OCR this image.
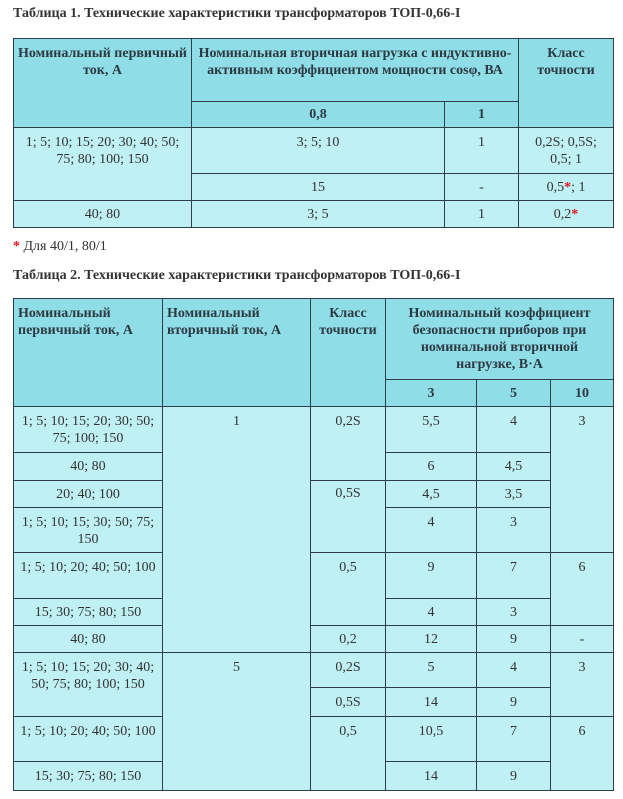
Таблица 1. Технические характеристики трансформаторов ТОП-0,66-I
Номинальный первичный ток, А	Номинальная вторичная нагрузка с индуктивно-активным коэффициентом мощности cosφ, ВА		Класс точности
	0,8	1	
1; 5; 10; 15; 20; 30; 40; 50; 75; 80; 100; 150	3; 5; 10	1	0,2S; 0,5S; 0,5; 1
	15	-	0,5*; 1
40; 80	3; 5	1	0,2*
* Для 40/1, 80/1
Таблица 2. Технические характеристики трансформаторов ТОП-0,66-I
Номинальный первичный ток, А	Номинальный вторичный ток, А	Класс точности	Номинальный коэффициент безопасности приборов при номинальной вторичной нагрузке, В·А		
			3	5	10
1; 5; 10; 15; 20; 30; 50; 75; 100; 150	1	0,2S	5,5	4	3
40; 80			6	4,5	
20; 40; 100		0,5S	4,5	3,5	
1; 5; 10; 15; 30; 50; 75; 150			4	3	
1; 5; 10; 20; 40; 50; 100		0,5	9	7	6
15; 30; 75; 80; 150			4	3	
40; 80		0,2	12	9	-
1; 5; 10; 15; 20; 30; 40; 50; 75; 80; 100; 150	5	0,2S	5	4	3
		0,5S	14	9	
1; 5; 10; 20; 40; 50; 100		0,5	10,5	7	6
15; 30; 75; 80; 150			14	9	
